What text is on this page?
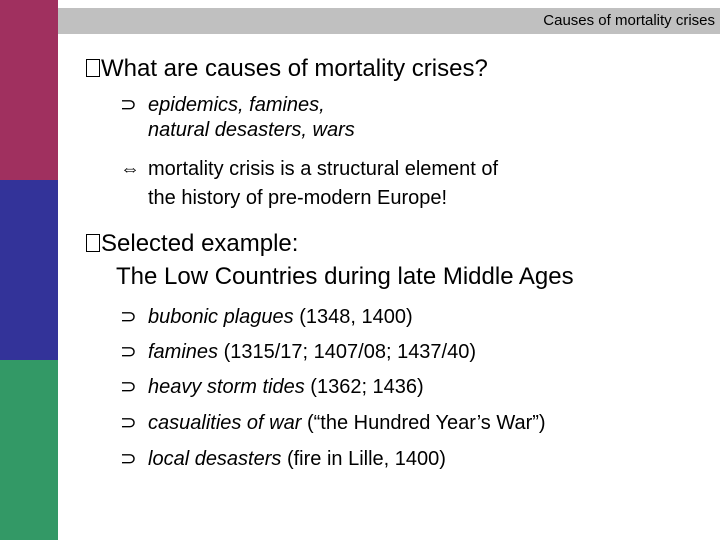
Causes of mortality crises
What are causes of mortality crises?
⊃ epidemics, famines,
natural desasters, wars
⇔ mortality crisis is a structural element of
the history of pre-modern Europe!
Selected example:
The Low Countries during late Middle Ages
⊃ bubonic plagues (1348, 1400)
⊃ famines (1315/17; 1407/08; 1437/40)
⊃ heavy storm tides (1362; 1436)
⊃ casualities of war (“the Hundred Year’s War”)
⊃ local desasters (fire in Lille, 1400)
